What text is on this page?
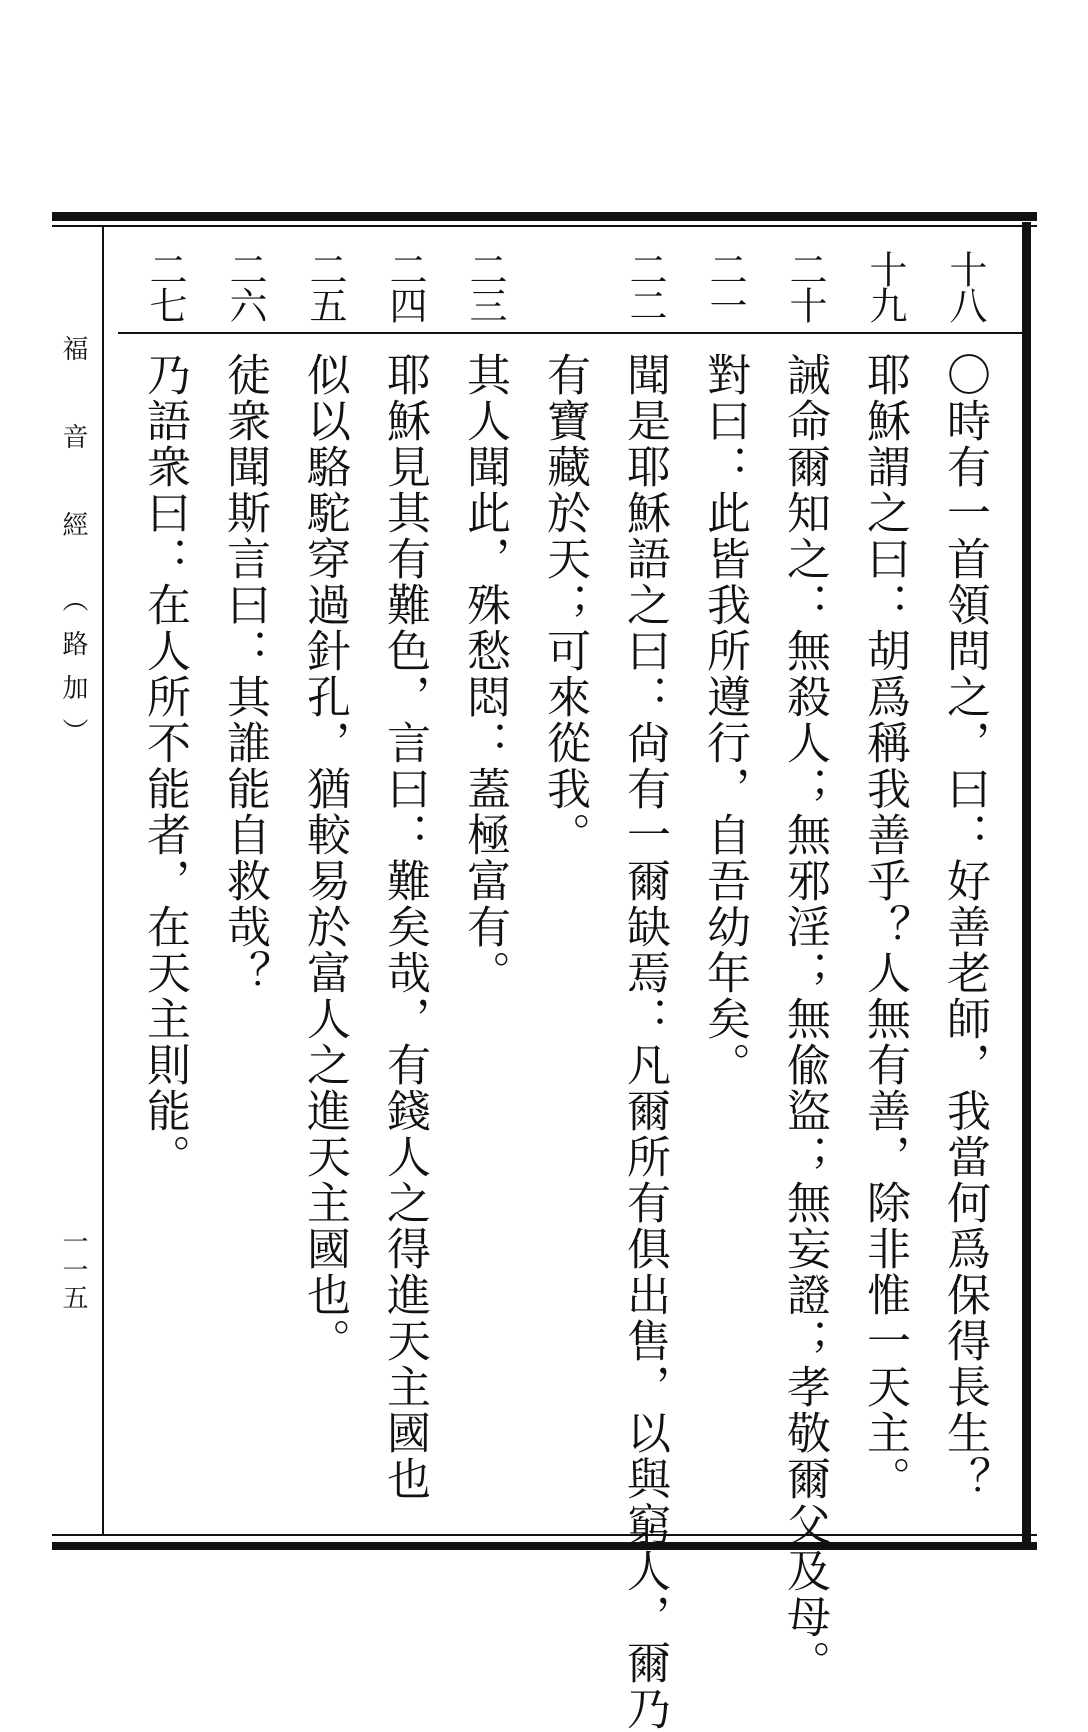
福　音　經　（路加）
一一五
十八
十九
二十
二一
二二
二三
二四
二五
二六
二七
〇時有一首領問之，曰：好善老師，我當何爲保得長生？
耶穌謂之曰：胡爲稱我善乎？人無有善，除非惟一天主。
誡命爾知之：無殺人；無邪淫；無偸盜；無妄證；孝敬爾父及母。
對曰：此皆我所遵行，自吾幼年矣。
聞是耶穌語之曰：尙有一爾缺焉：凡爾所有俱出售，以與窮人，爾乃
有寶藏於天；可來從我。
其人聞此，殊愁悶：蓋極富有。
耶穌見其有難色，言曰：難矣哉，有錢人之得進天主國也
似以駱駝穿過針孔，猶較易於富人之進天主國也。
徒衆聞斯言曰：其誰能自救哉？
乃語衆曰：在人所不能者，在天主則能。
